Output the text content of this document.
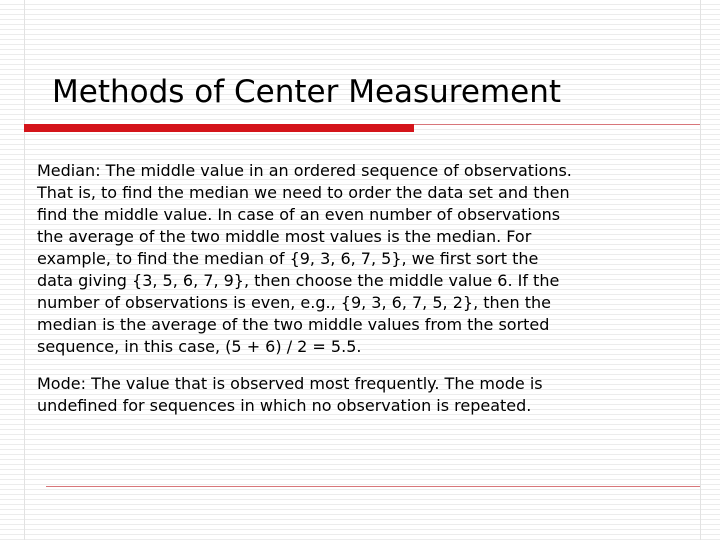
Methods of Center Measurement

Median: The middle value in an ordered sequence of observations.
That is, to find the median we need to order the data set and then
find the middle value. In case of an even number of observations
the average of the two middle most values is the median. For
example, to find the median of {9, 3, 6, 7, 5}, we first sort the
data giving {3, 5, 6, 7, 9}, then choose the middle value 6. If the
number of observations is even, e.g., {9, 3, 6, 7, 5, 2}, then the
median is the average of the two middle values from the sorted
sequence, in this case, (5 + 6) / 2 = 5.5.

Mode: The value that is observed most frequently. The mode is
undefined for sequences in which no observation is repeated.
